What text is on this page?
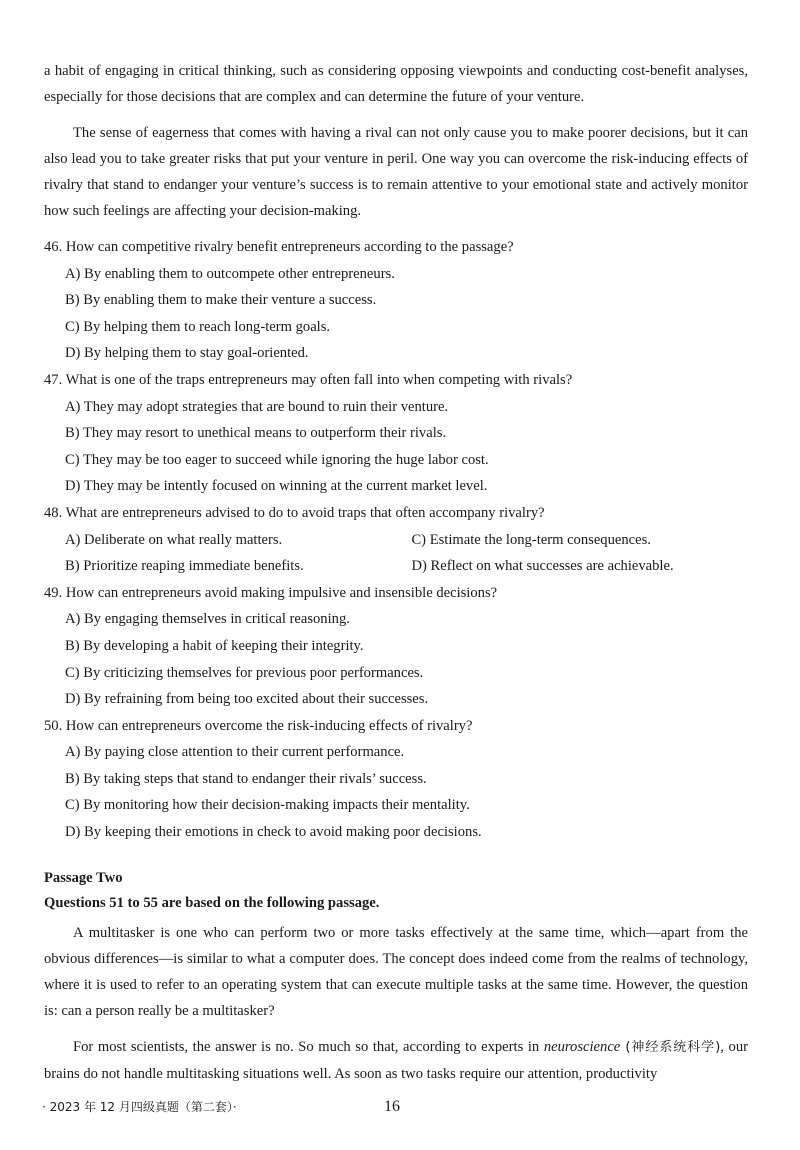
a habit of engaging in critical thinking, such as considering opposing viewpoints and conducting cost-benefit analyses, especially for those decisions that are complex and can determine the future of your venture.

The sense of eagerness that comes with having a rival can not only cause you to make poorer decisions, but it can also lead you to take greater risks that put your venture in peril. One way you can overcome the risk-inducing effects of rivalry that stand to endanger your venture’s success is to remain attentive to your emotional state and actively monitor how such feelings are affecting your decision-making.

46. How can competitive rivalry benefit entrepreneurs according to the passage?

A) By enabling them to outcompete other entrepreneurs.

B) By enabling them to make their venture a success.

C) By helping them to reach long-term goals.

D) By helping them to stay goal-oriented.

47. What is one of the traps entrepreneurs may often fall into when competing with rivals?

A) They may adopt strategies that are bound to ruin their venture.

B) They may resort to unethical means to outperform their rivals.

C) They may be too eager to succeed while ignoring the huge labor cost.

D) They may be intently focused on winning at the current market level.

48. What are entrepreneurs advised to do to avoid traps that often accompany rivalry?

A) Deliberate on what really matters.	C) Estimate the long-term consequences.
B) Prioritize reaping immediate benefits.	D) Reflect on what successes are achievable.

49. How can entrepreneurs avoid making impulsive and insensible decisions?

A) By engaging themselves in critical reasoning.

B) By developing a habit of keeping their integrity.

C) By criticizing themselves for previous poor performances.

D) By refraining from being too excited about their successes.

50. How can entrepreneurs overcome the risk-inducing effects of rivalry?

A) By paying close attention to their current performance.

B) By taking steps that stand to endanger their rivals’ success.

C) By monitoring how their decision-making impacts their mentality.

D) By keeping their emotions in check to avoid making poor decisions.

Passage Two

Questions 51 to 55 are based on the following passage.

A multitasker is one who can perform two or more tasks effectively at the same time, which—apart from the obvious differences—is similar to what a computer does. The concept does indeed come from the realms of technology, where it is used to refer to an operating system that can execute multiple tasks at the same time. However, the question is: can a person really be a multitasker?

For most scientists, the answer is no. So much so that, according to experts in neuroscience (神经系统科学), our brains do not handle multitasking situations well. As soon as two tasks require our attention, productivity

· 2023 年 12 月四级真题（第二套）·	16
